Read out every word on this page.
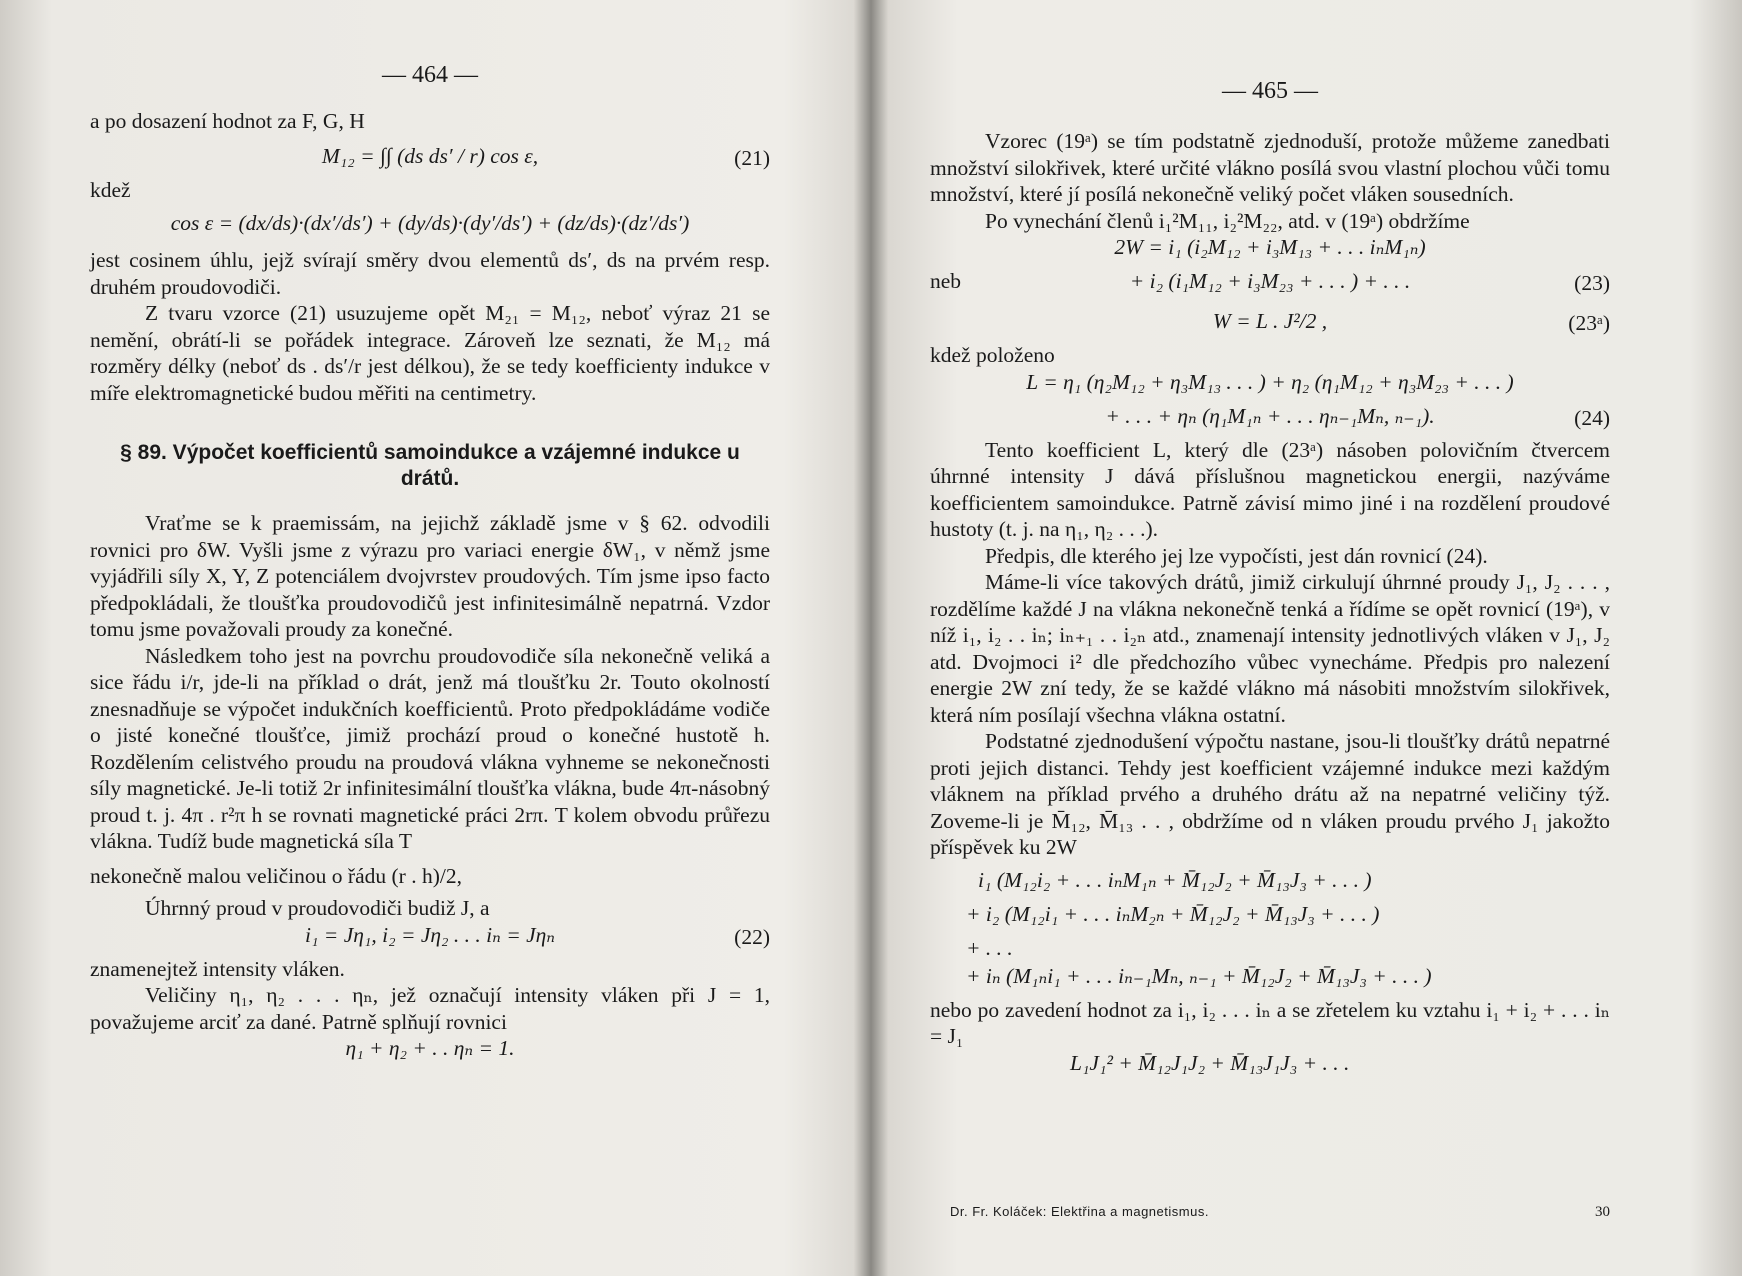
— 464 —

a po dosazení hodnot za F, G, H

M₁₂ = ∫∫ (ds ds′ / r) cos ε,	(21)

kdež

cos ε = (dx/ds)·(dx′/ds′) + (dy/ds)·(dy′/ds′) + (dz/ds)·(dz′/ds′)

jest cosinem úhlu, jejž svírají směry dvou elementů ds′, ds na prvém resp. druhém proudovodiči.

Z tvaru vzorce (21) usuzujeme opět M₂₁ = M₁₂, neboť výraz 21 se nemění, obrátí-li se pořádek integrace. Zároveň lze seznati, že M₁₂ má rozměry délky (neboť ds . ds′/r jest délkou), že se tedy koefficienty indukce v míře elektromagnetické budou měřiti na centimetry.

§ 89. Výpočet koefficientů samoindukce a vzájemné indukce u drátů.

Vraťme se k praemissám, na jejichž základě jsme v § 62. odvodili rovnici pro δW. Vyšli jsme z výrazu pro variaci energie δW₁, v němž jsme vyjádřili síly X, Y, Z potenciálem dvojvrstev proudových. Tím jsme ipso facto předpokládali, že tloušťka proudovodičů jest infinitesimálně nepatrná. Vzdor tomu jsme považovali proudy za konečné.

Následkem toho jest na povrchu proudovodiče síla nekonečně veliká a sice řádu i/r, jde-li na příklad o drát, jenž má tloušťku 2r. Touto okolností znesnadňuje se výpočet indukčních koefficientů. Proto předpokládáme vodiče o jisté konečné tloušťce, jimiž prochází proud o konečné hustotě h. Rozdělením celistvého proudu na proudová vlákna vyhneme se nekonečnosti síly magnetické. Je-li totiž 2r infinitesimální tloušťka vlákna, bude 4π-násobný proud t. j. 4π . r²π h se rovnati magnetické práci 2rπ. T kolem obvodu průřezu vlákna. Tudíž bude magnetická síla T

nekonečně malou veličinou o řádu (r . h)/2,

Úhrnný proud v proudovodiči budiž J, a

i₁ = Jη₁, i₂ = Jη₂ . . . iₙ = Jηₙ	(22)

znamenejtež intensity vláken.

Veličiny η₁, η₂ . . . ηₙ, jež označují intensity vláken při J = 1, považujeme arciť za dané. Patrně splňují rovnici

η₁ + η₂ + . . ηₙ = 1.
— 465 —

Vzorec (19ᵃ) se tím podstatně zjednoduší, protože můžeme zanedbati množství silokřivek, které určité vlákno posílá svou vlastní plochou vůči tomu množství, které jí posílá nekonečně veliký počet vláken sousedních.

Po vynechání členů i₁²M₁₁, i₂²M₂₂, atd. v (19ᵃ) obdržíme

2W = i₁ (i₂M₁₂ + i₃M₁₃ + . . . iₙM₁ₙ)
neb	+ i₂ (i₁M₁₂ + i₃M₂₃ + . . . ) + . . .	(23)
W = L . J²/2 ,	(23ᵃ)

kdež položeno

L = η₁ (η₂M₁₂ + η₃M₁₃ . . . ) + η₂ (η₁M₁₂ + η₃M₂₃ + . . . )
+ . . . + ηₙ (η₁M₁ₙ + . . . ηₙ₋₁Mₙ, ₙ₋₁).	(24)

Tento koefficient L, který dle (23ᵃ) násoben polovičním čtvercem úhrnné intensity J dává příslušnou magnetickou energii, nazýváme koefficientem samoindukce. Patrně závisí mimo jiné i na rozdělení proudové hustoty (t. j. na η₁, η₂ . . .).

Předpis, dle kterého jej lze vypočísti, jest dán rovnicí (24).

Máme-li více takových drátů, jimiž cirkulují úhrnné proudy J₁, J₂ . . . , rozdělíme každé J na vlákna nekonečně tenká a řídíme se opět rovnicí (19ᵃ), v níž i₁, i₂ . . iₙ; iₙ₊₁ . . i₂ₙ atd., znamenají intensity jednotlivých vláken v J₁, J₂ atd. Dvojmoci i² dle předchozího vůbec vynecháme. Předpis pro nalezení energie 2W zní tedy, že se každé vlákno má násobiti množstvím silokřivek, která ním posílají všechna vlákna ostatní.

Podstatné zjednodušení výpočtu nastane, jsou-li tloušťky drátů nepatrné proti jejich distanci. Tehdy jest koefficient vzájemné indukce mezi každým vláknem na příklad prvého a druhého drátu až na nepatrné veličiny týž. Zoveme-li je M̄₁₂, M̄₁₃ . . , obdržíme od n vláken proudu prvého J₁ jakožto příspěvek ku 2W

i₁ (M₁₂i₂ + . . . iₙM₁ₙ + M̄₁₂J₂ + M̄₁₃J₃ + . . . )
+ i₂ (M₁₂i₁ + . . . iₙM₂ₙ + M̄₁₂J₂ + M̄₁₃J₃ + . . . )
+ . . .
+ iₙ (M₁ₙi₁ + . . . iₙ₋₁Mₙ, ₙ₋₁ + M̄₁₂J₂ + M̄₁₃J₃ + . . . )

nebo po zavedení hodnot za i₁, i₂ . . . iₙ a se zřetelem ku vztahu i₁ + i₂ + . . . iₙ = J₁

L₁J₁² + M̄₁₂J₁J₂ + M̄₁₃J₁J₃ + . . .
Dr. Fr. Koláček: Elektřina a magnetismus.	30
